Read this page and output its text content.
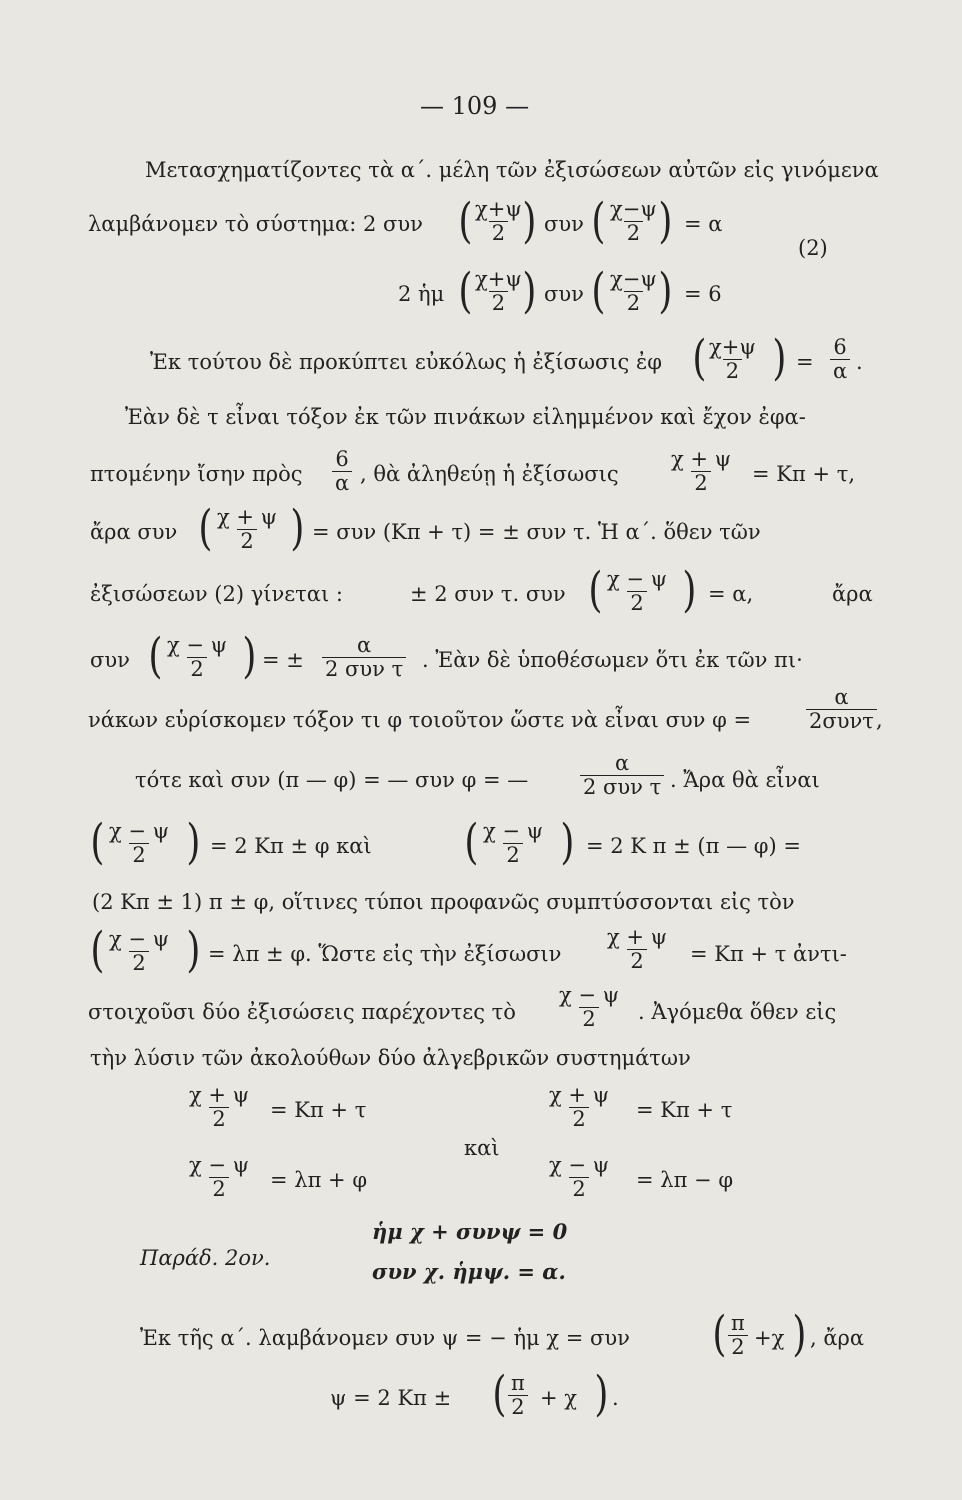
— 109 —
Μετασχηματίζοντες τὰ α΄. μέλη τῶν ἐξισώσεων αὐτῶν εἰς γινόμενα
λαμβάνομεν τὸ σύστημα: 2 συν ( $\frac{\chi+\psi}{2}$
) συν ( $\frac{\chi-\psi}{2}$
) = α
(2)
2 ἡμ ( $\frac{\chi+\psi}{2}$
) συν ( $\frac{\chi-\psi}{2}$
) = 6
Ἐκ τούτου δὲ προκύπτει εὐκόλως ἡ ἐξίσωσις ἐφ ( $\frac{\chi+\psi}{2}$ ) = $\frac{6}{\alpha}$ .
Ἐὰν δὲ τ εἶναι τόξον ἐκ τῶν πινάκων εἰλημμένον καὶ ἔχον ἐφα-
πτομένην ἴσην πρὸς $\frac{6}{\alpha}$ , θὰ ἀληθεύῃ ἡ ἐξίσωσις $\frac{\chi + \psi}{2} = K\pi + \tau$,
ἄρα συν ( $\frac{\chi + \psi}{2}$ ) = συν (Κπ + τ) = ± συν τ. Ἡ α΄. ὅθεν τῶν
ἐξισώσεων (2) γίνεται :	± 2 συν τ. συν ( $\frac{\chi - \psi}{2}$ ) = α,	ἄρα
συν ( $\frac{\chi - \psi}{2}$ ) = ±
α
2 συν τ . Ἐὰν δὲ ὑποθέσωμεν ὅτι ἐκ τῶν πι·
νάκων εὑρίσκομεν τόξον τι φ τοιοῦτον ὥστε νὰ εἶναι συν φ =
α
2συντ ,
τότε καὶ συν (π — φ) = — συν φ = —
α
2 συν τ . Ἄρα θὰ εἶναι
( $\frac{\chi - \psi}{2}$ ) = 2 Κπ ± φ καὶ ( $\frac{\chi - \psi}{2}$ ) = 2 Κ π ± (π — φ) =
(2 Κπ ± 1) π ± φ, οἵτινες τύποι προφανῶς συμπτύσσονται εἰς τὸν
( $\frac{\chi - \psi}{2}$ ) = λπ ± φ. Ὥστε εἰς τὴν ἐξίσωσιν $\frac{\chi + \psi}{2} = K\pi + \tau$ ἀντι-
στοιχοῦσι δύο ἐξισώσεις παρέχοντες τὸ $\frac{\chi - \psi}{2}$ . Ἀγόμεθα ὅθεν εἰς
τὴν λύσιν τῶν ἀκολούθων δύο ἀλγεβρικῶν συστημάτων
$\frac{\chi + \psi}{2} = K\pi + \tau$
$\frac{\chi - \psi}{2} = \lambda\pi + \varphi$
καὶ
$\frac{\chi + \psi}{2} = K\pi + \tau$
$\frac{\chi - \psi}{2} = \lambda\pi - \varphi$
Παράδ. 2ον.
ἡμ χ + συνψ = 0
συν χ. ἡμψ. = α.
Ἐκ τῆς α΄. λαμβάνομεν συν ψ = − ἡμ χ = συν ( $\frac{\pi}{2} +\chi$ ) , ἄρα
ψ = 2 Κπ ± ( $\frac{\pi}{2} + \chi$ ) .
